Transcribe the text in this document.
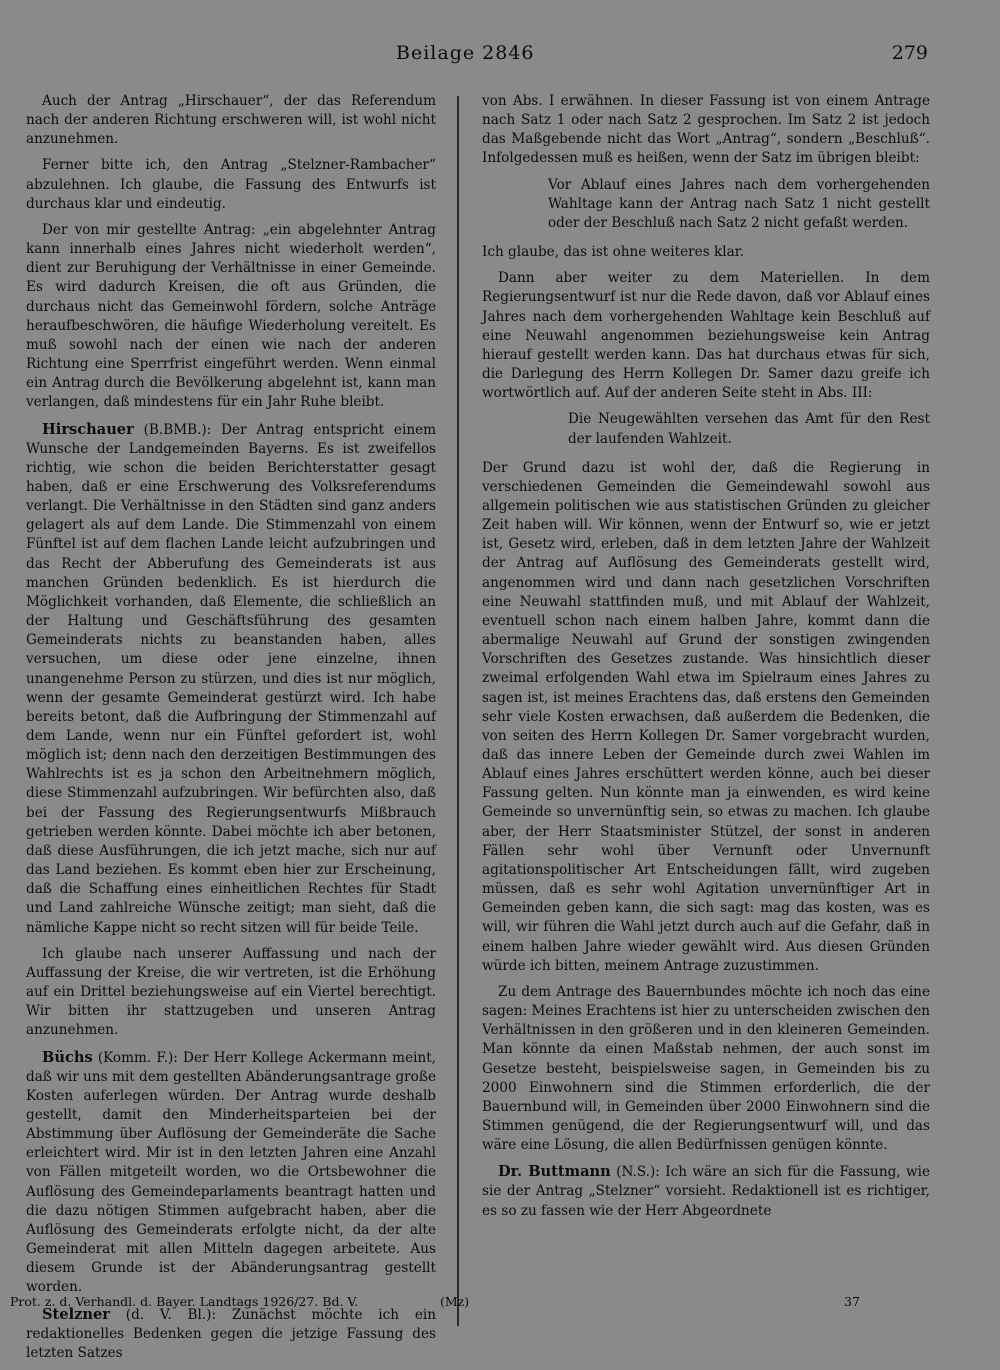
Beilage 2846	279

Auch der Antrag „Hirschauer“, der das Referendum nach der anderen Richtung erschweren will, ist wohl nicht anzunehmen.

Ferner bitte ich, den Antrag „Stelzner-Rambacher“ abzulehnen. Ich glaube, die Fassung des Entwurfs ist durchaus klar und eindeutig.

Der von mir gestellte Antrag: „ein abgelehnter Antrag kann innerhalb eines Jahres nicht wiederholt werden“, dient zur Beruhigung der Verhältnisse in einer Gemeinde. Es wird dadurch Kreisen, die oft aus Gründen, die durchaus nicht das Gemeinwohl fördern, solche Anträge heraufbeschwören, die häufige Wiederholung vereitelt. Es muß sowohl nach der einen wie nach der anderen Richtung eine Sperrfrist eingeführt werden. Wenn einmal ein Antrag durch die Bevölkerung abgelehnt ist, kann man verlangen, daß mindestens für ein Jahr Ruhe bleibt.

Hirschauer (B.BMB.): Der Antrag entspricht einem Wunsche der Landgemeinden Bayerns. Es ist zweifellos richtig, wie schon die beiden Berichterstatter gesagt haben, daß er eine Erschwerung des Volksreferendums verlangt. Die Verhältnisse in den Städten sind ganz anders gelagert als auf dem Lande. Die Stimmenzahl von einem Fünftel ist auf dem flachen Lande leicht aufzubringen und das Recht der Abberufung des Gemeinderats ist aus manchen Gründen bedenklich. Es ist hierdurch die Möglichkeit vorhanden, daß Elemente, die schließlich an der Haltung und Geschäftsführung des gesamten Gemeinderats nichts zu beanstanden haben, alles versuchen, um diese oder jene einzelne, ihnen unangenehme Person zu stürzen, und dies ist nur möglich, wenn der gesamte Gemeinderat gestürzt wird. Ich habe bereits betont, daß die Aufbringung der Stimmenzahl auf dem Lande, wenn nur ein Fünftel gefordert ist, wohl möglich ist; denn nach den derzeitigen Bestimmungen des Wahlrechts ist es ja schon den Arbeitnehmern möglich, diese Stimmenzahl aufzubringen. Wir befürchten also, daß bei der Fassung des Regierungsentwurfs Mißbrauch getrieben werden könnte. Dabei möchte ich aber betonen, daß diese Ausführungen, die ich jetzt mache, sich nur auf das Land beziehen. Es kommt eben hier zur Erscheinung, daß die Schaffung eines einheitlichen Rechtes für Stadt und Land zahlreiche Wünsche zeitigt; man sieht, daß die nämliche Kappe nicht so recht sitzen will für beide Teile.

Ich glaube nach unserer Auffassung und nach der Auffassung der Kreise, die wir vertreten, ist die Erhöhung auf ein Drittel beziehungsweise auf ein Viertel berechtigt. Wir bitten ihr stattzugeben und unseren Antrag anzunehmen.

Büchs (Komm. F.): Der Herr Kollege Ackermann meint, daß wir uns mit dem gestellten Abänderungsantrage große Kosten auferlegen würden. Der Antrag wurde deshalb gestellt, damit den Minderheitsparteien bei der Abstimmung über Auflösung der Gemeinderäte die Sache erleichtert wird. Mir ist in den letzten Jahren eine Anzahl von Fällen mitgeteilt worden, wo die Ortsbewohner die Auflösung des Gemeindeparlaments beantragt hatten und die dazu nötigen Stimmen aufgebracht haben, aber die Auflösung des Gemeinderats erfolgte nicht, da der alte Gemeinderat mit allen Mitteln dagegen arbeitete. Aus diesem Grunde ist der Abänderungsantrag gestellt worden.

Stelzner (d. V. Bl.): Zunächst möchte ich ein redaktionelles Bedenken gegen die jetzige Fassung des letzten Satzes

von Abs. I erwähnen. In dieser Fassung ist von einem Antrage nach Satz 1 oder nach Satz 2 gesprochen. Im Satz 2 ist jedoch das Maßgebende nicht das Wort „Antrag“, sondern „Beschluß“. Infolgedessen muß es heißen, wenn der Satz im übrigen bleibt:

Vor Ablauf eines Jahres nach dem vorhergehenden Wahltage kann der Antrag nach Satz 1 nicht gestellt oder der Beschluß nach Satz 2 nicht gefaßt werden.

Ich glaube, das ist ohne weiteres klar.

Dann aber weiter zu dem Materiellen. In dem Regierungsentwurf ist nur die Rede davon, daß vor Ablauf eines Jahres nach dem vorhergehenden Wahltage kein Beschluß auf eine Neuwahl angenommen beziehungsweise kein Antrag hierauf gestellt werden kann. Das hat durchaus etwas für sich, die Darlegung des Herrn Kollegen Dr. Samer dazu greife ich wortwörtlich auf. Auf der anderen Seite steht in Abs. III:

Die Neugewählten versehen das Amt für den Rest der laufenden Wahlzeit.

Der Grund dazu ist wohl der, daß die Regierung in verschiedenen Gemeinden die Gemeindewahl sowohl aus allgemein politischen wie aus statistischen Gründen zu gleicher Zeit haben will. Wir können, wenn der Entwurf so, wie er jetzt ist, Gesetz wird, erleben, daß in dem letzten Jahre der Wahlzeit der Antrag auf Auflösung des Gemeinderats gestellt wird, angenommen wird und dann nach gesetzlichen Vorschriften eine Neuwahl stattfinden muß, und mit Ablauf der Wahlzeit, eventuell schon nach einem halben Jahre, kommt dann die abermalige Neuwahl auf Grund der sonstigen zwingenden Vorschriften des Gesetzes zustande. Was hinsichtlich dieser zweimal erfolgenden Wahl etwa im Spielraum eines Jahres zu sagen ist, ist meines Erachtens das, daß erstens den Gemeinden sehr viele Kosten erwachsen, daß außerdem die Bedenken, die von seiten des Herrn Kollegen Dr. Samer vorgebracht wurden, daß das innere Leben der Gemeinde durch zwei Wahlen im Ablauf eines Jahres erschüttert werden könne, auch bei dieser Fassung gelten. Nun könnte man ja einwenden, es wird keine Gemeinde so unvernünftig sein, so etwas zu machen. Ich glaube aber, der Herr Staatsminister Stützel, der sonst in anderen Fällen sehr wohl über Vernunft oder Unvernunft agitationspolitischer Art Entscheidungen fällt, wird zugeben müssen, daß es sehr wohl Agitation unvernünftiger Art in Gemeinden geben kann, die sich sagt: mag das kosten, was es will, wir führen die Wahl jetzt durch auch auf die Gefahr, daß in einem halben Jahre wieder gewählt wird. Aus diesen Gründen würde ich bitten, meinem Antrage zuzustimmen.

Zu dem Antrage des Bauernbundes möchte ich noch das eine sagen: Meines Erachtens ist hier zu unterscheiden zwischen den Verhältnissen in den größeren und in den kleineren Gemeinden. Man könnte da einen Maßstab nehmen, der auch sonst im Gesetze besteht, beispielsweise sagen, in Gemeinden bis zu 2000 Einwohnern sind die Stimmen erforderlich, die der Bauernbund will, in Gemeinden über 2000 Einwohnern sind die Stimmen genügend, die der Regierungsentwurf will, und das wäre eine Lösung, die allen Bedürfnissen genügen könnte.

Dr. Buttmann (N.S.): Ich wäre an sich für die Fassung, wie sie der Antrag „Stelzner“ vorsieht. Redaktionell ist es richtiger, es so zu fassen wie der Herr Abgeordnete

Prot. z. d. Verhandl. d. Bayer. Landtags 1926/27. Bd. V.	(Mz)	37
